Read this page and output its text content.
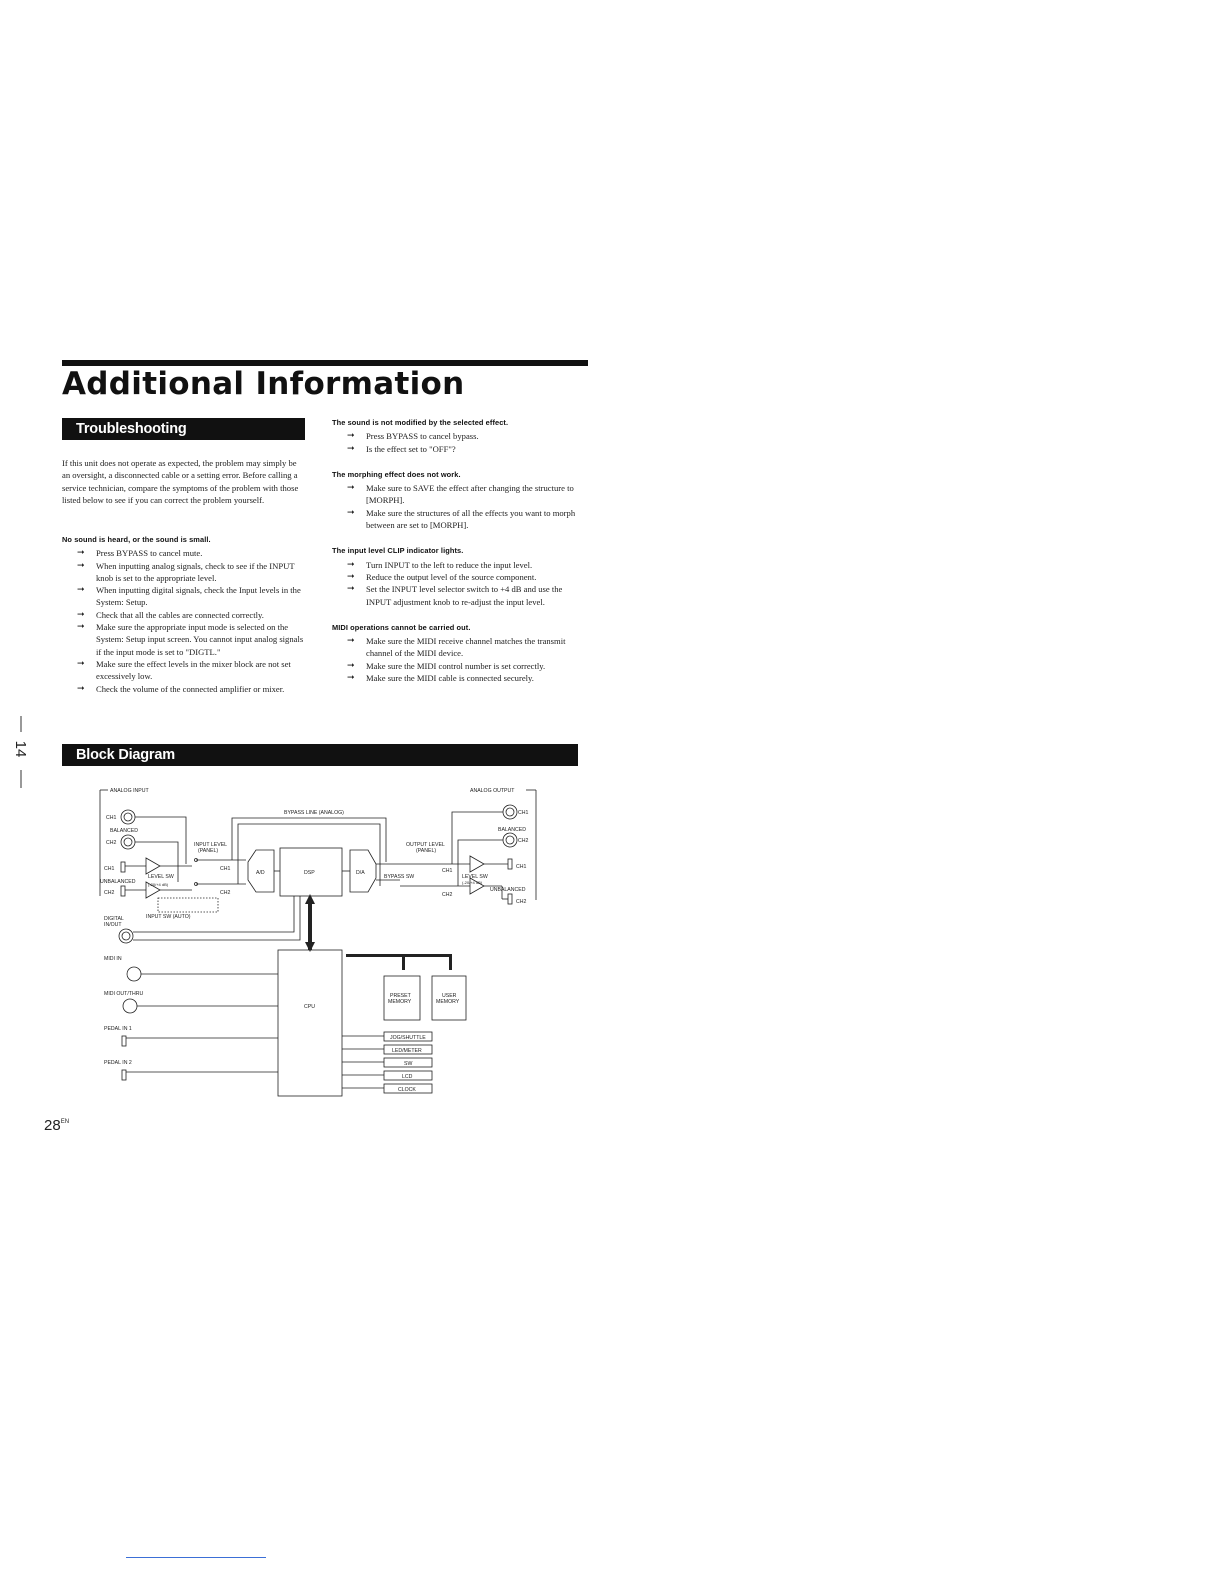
Additional Information
Troubleshooting
If this unit does not operate as expected, the problem may simply be an oversight, a disconnected cable or a setting error. Before calling a service technician, compare the symptoms of the problem with those listed below to see if you can correct the problem yourself.
No sound is heard, or the sound is small.
➞ Press BYPASS to cancel mute.
➞ When inputting analog signals, check to see if the INPUT knob is set to the appropriate level.
➞ When inputting digital signals, check the Input levels in the System: Setup.
➞ Check that all the cables are connected correctly.
➞ Make sure the appropriate input mode is selected on the System: Setup input screen. You cannot input analog signals if the input mode is set to "DIGTL."
➞ Make sure the effect levels in the mixer block are not set excessively low.
➞ Check the volume of the connected amplifier or mixer.
The sound is not modified by the selected effect.
➞ Press BYPASS to cancel bypass.
➞ Is the effect set to "OFF"?
The morphing effect does not work.
➞ Make sure to SAVE the effect after changing the structure to [MORPH].
➞ Make sure the structures of all the effects you want to morph between are set to [MORPH].
The input level CLIP indicator lights.
➞ Turn INPUT to the left to reduce the input level.
➞ Reduce the output level of the source component.
➞ Set the INPUT level selector switch to +4 dB and use the INPUT adjustment knob to re-adjust the input level.
MIDI operations cannot be carried out.
➞ Make sure the MIDI receive channel matches the transmit channel of the MIDI device.
➞ Make sure the MIDI control number is set correctly.
➞ Make sure the MIDI cable is connected securely.
14	Block Diagram
ANALOG INPUT
CH1
BALANCED
CH2
CH1
UNBALANCED
CH2
LEVEL SW
(-20/+4 dB)
INPUT LEVEL
(PANEL)
CH1
CH2
INPUT SW (AUTO)
BYPASS LINE (ANALOG)
A/D	DSP	D/A
BYPASS SW
OUTPUT LEVEL
(PANEL)
CH1
CH2
LEVEL SW
(-20/+4 dB)
UNBALANCED
CH1
CH2
ANALOG OUTPUT
CH1
BALANCED
CH2
DIGITAL
IN/OUT
MIDI IN
MIDI OUT/THRU
PEDAL IN 1
PEDAL IN 2
CPU
PRESET
MEMORY
USER
MEMORY
JOG/SHUTTLE
LED/METER
SW
LCD
CLOCK
$28^{EN}$
